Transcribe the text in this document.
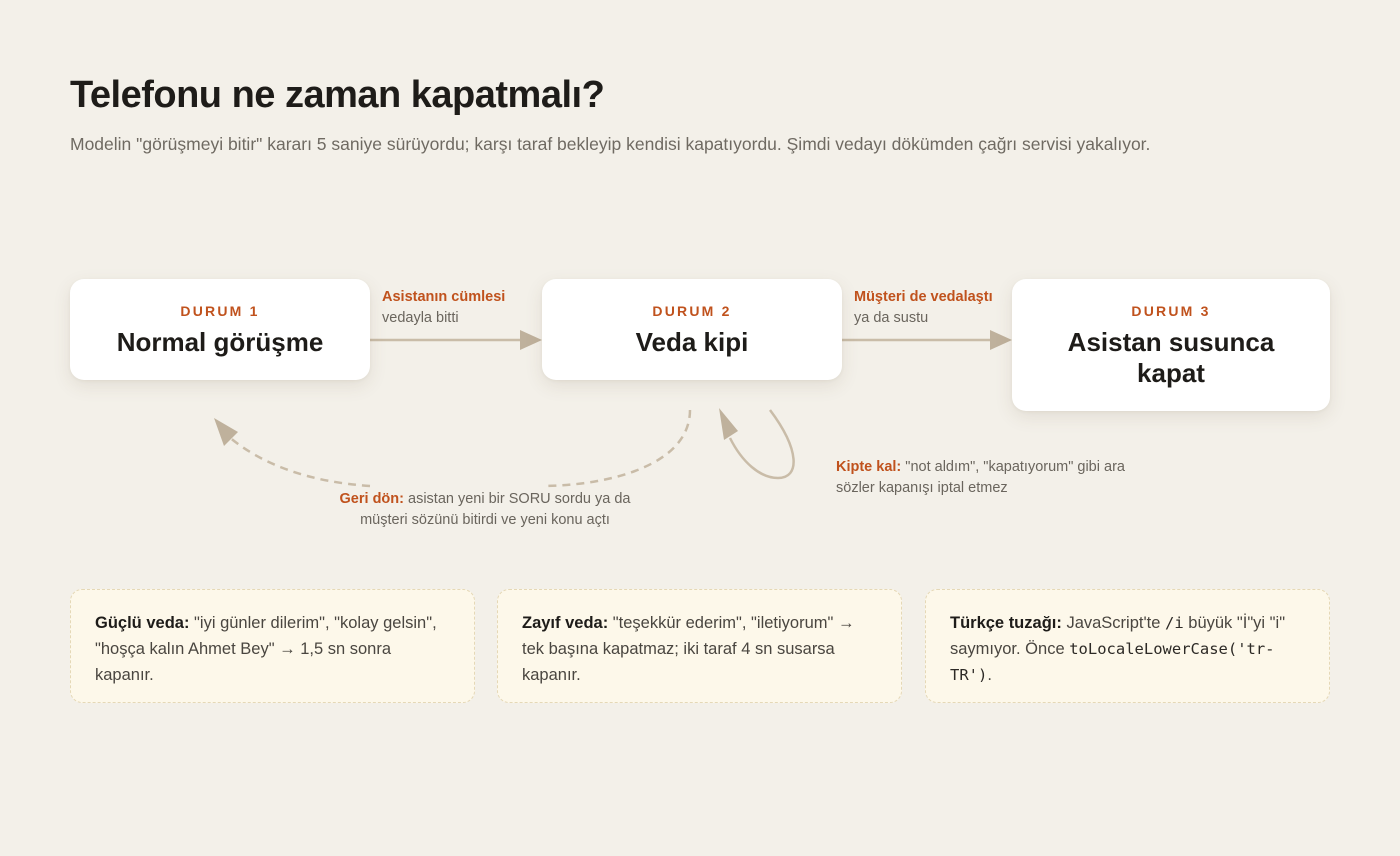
Telefonu ne zaman kapatmalı?

Modelin "görüşmeyi bitir" kararı 5 saniye sürüyordu; karşı taraf bekleyip kendisi kapatıyordu. Şimdi vedayı dökümden çağrı servisi yakalıyor.

DURUM 1
Normal görüşme
DURUM 2
Veda kipi
DURUM 3
Asistan susunca kapat
Asistanın cümlesi
vedayla bitti
Müşteri de vedalaştı
ya da sustu
Kipte kal: "not aldım", "kapatıyorum" gibi ara sözler kapanışı iptal etmez
Geri dön: asistan yeni bir SORU sordu ya da müşteri sözünü bitirdi ve yeni konu açtı
Güçlü veda: "iyi günler dilerim", "kolay gelsin", "hoşça kalın Ahmet Bey" → 1,5 sn sonra kapanır.
Zayıf veda: "teşekkür ederim", "iletiyorum" → tek başına kapatmaz; iki taraf 4 sn susarsa kapanır.
Türkçe tuzağı: JavaScript'te /i büyük "İ"yi "i" saymıyor. Önce toLocaleLowerCase('tr-TR').
